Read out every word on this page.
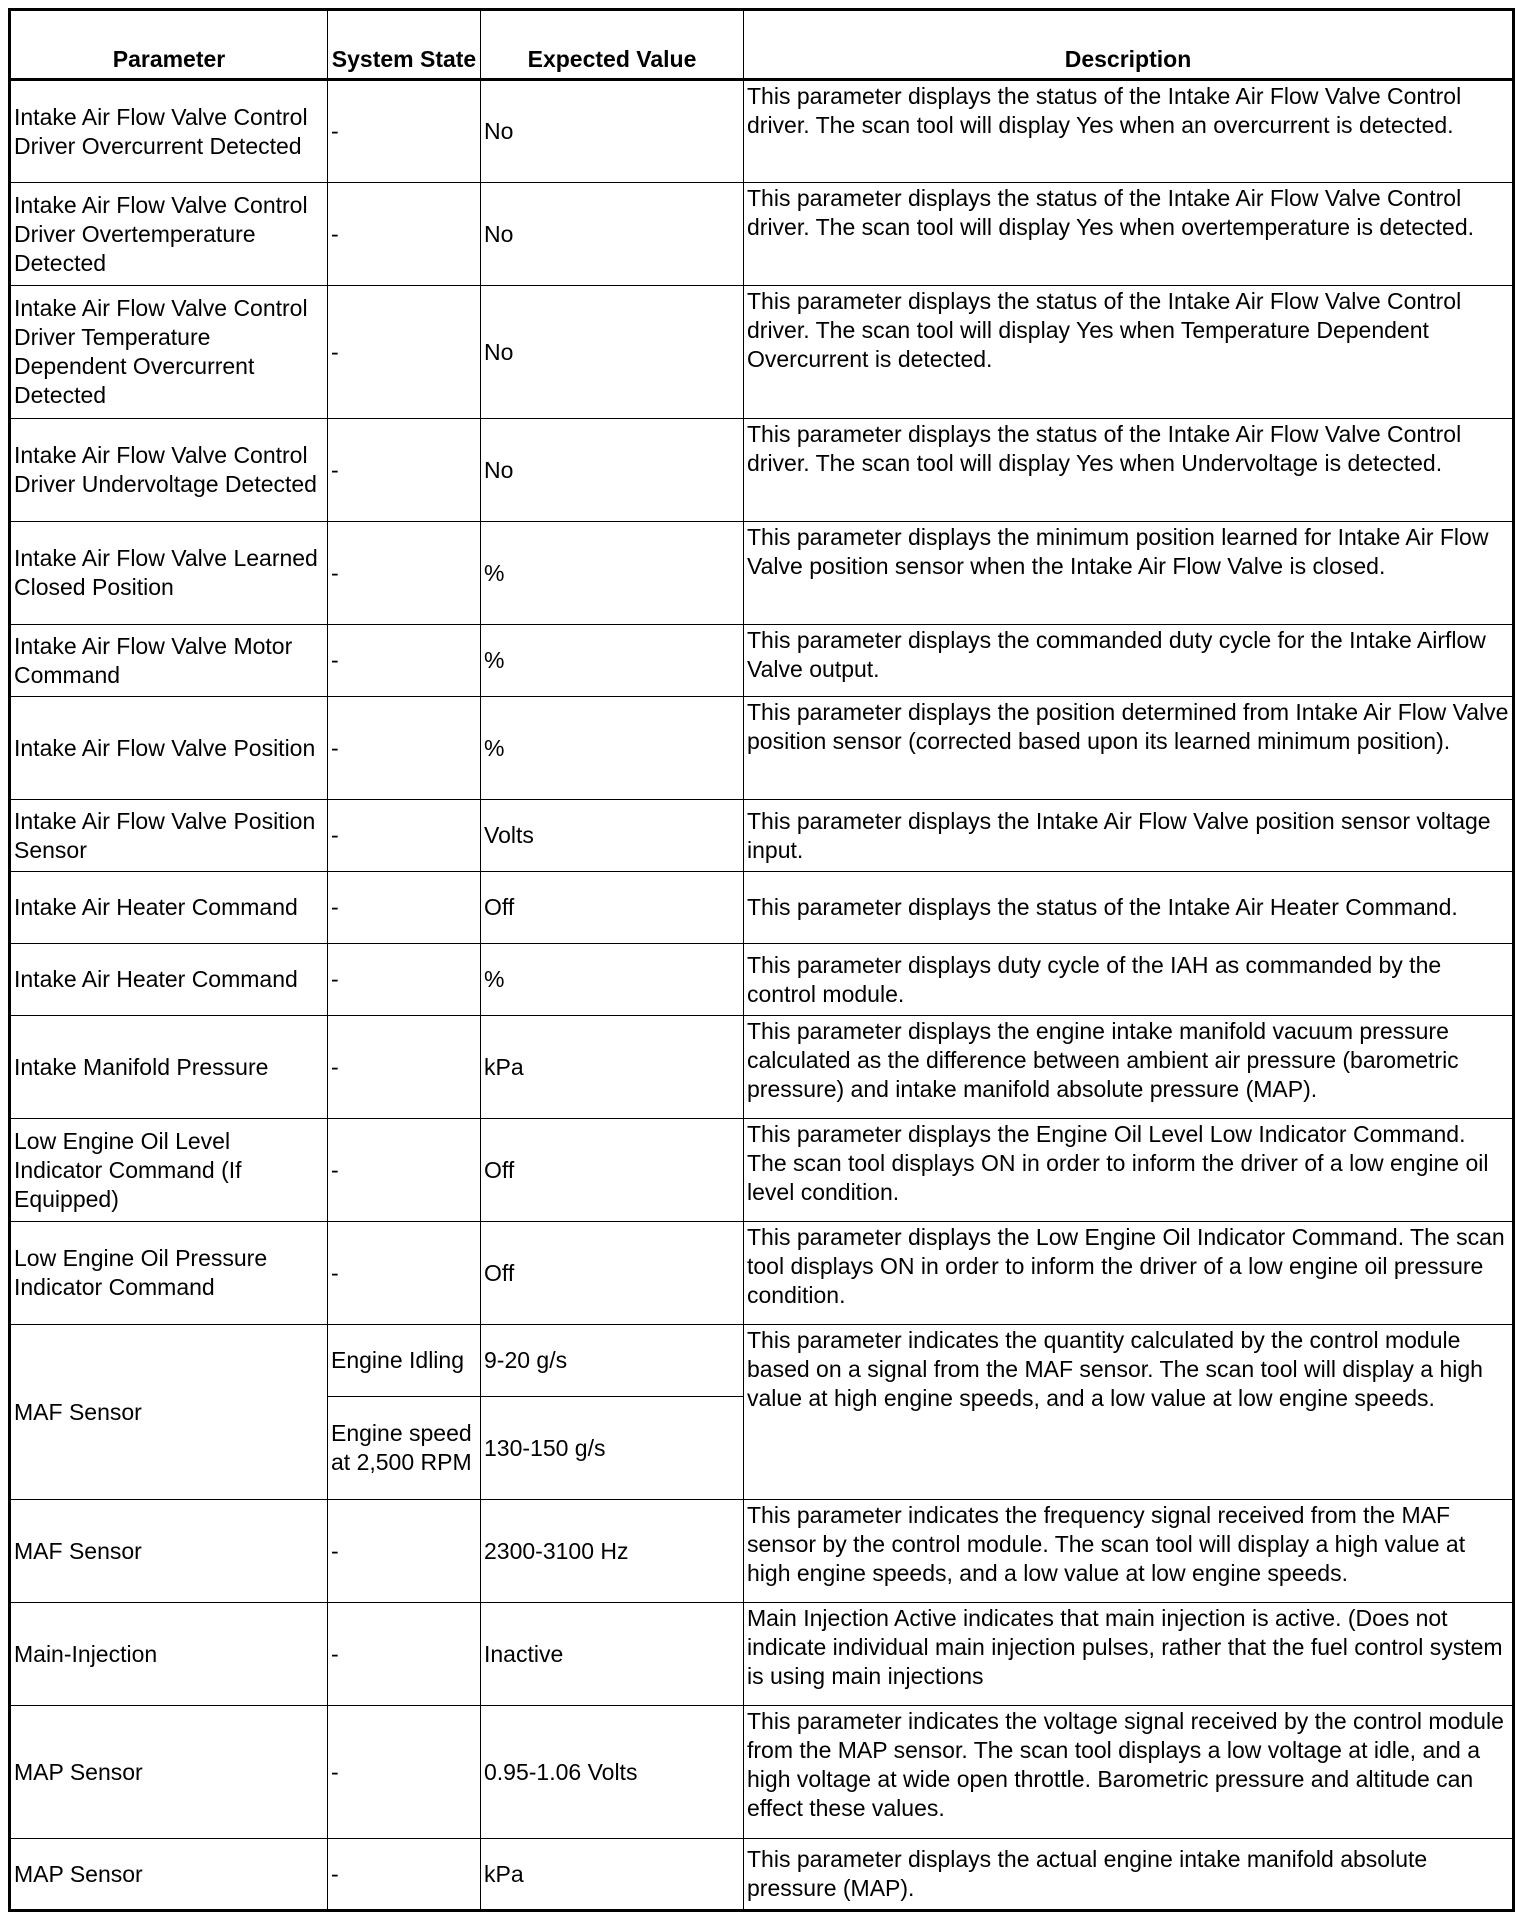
Parameter	System State	Expected Value	Description
Intake Air Flow Valve Control Driver Overcurrent Detected	-	No	This parameter displays the status of the Intake Air Flow Valve Control driver. The scan tool will display Yes when an overcurrent is detected.
Intake Air Flow Valve Control Driver Overtemperature Detected	-	No	This parameter displays the status of the Intake Air Flow Valve Control driver. The scan tool will display Yes when overtemperature is detected.
Intake Air Flow Valve Control Driver Temperature Dependent Overcurrent Detected	-	No	This parameter displays the status of the Intake Air Flow Valve Control driver. The scan tool will display Yes when Temperature Dependent Overcurrent is detected.
Intake Air Flow Valve Control Driver Undervoltage Detected	-	No	This parameter displays the status of the Intake Air Flow Valve Control driver. The scan tool will display Yes when Undervoltage is detected.
Intake Air Flow Valve Learned Closed Position	-	%	This parameter displays the minimum position learned for Intake Air Flow Valve position sensor when the Intake Air Flow Valve is closed.
Intake Air Flow Valve Motor Command	-	%	This parameter displays the commanded duty cycle for the Intake Airflow Valve output.
Intake Air Flow Valve Position	-	%	This parameter displays the position determined from Intake Air Flow Valve position sensor (corrected based upon its learned minimum position).
Intake Air Flow Valve Position Sensor	-	Volts	This parameter displays the Intake Air Flow Valve position sensor voltage input.
Intake Air Heater Command	-	Off	This parameter displays the status of the Intake Air Heater Command.
Intake Air Heater Command	-	%	This parameter displays duty cycle of the IAH as commanded by the control module.
Intake Manifold Pressure	-	kPa	This parameter displays the engine intake manifold vacuum pressure calculated as the difference between ambient air pressure (barometric pressure) and intake manifold absolute pressure (MAP).
Low Engine Oil Level Indicator Command (If Equipped)	-	Off	This parameter displays the Engine Oil Level Low Indicator Command. The scan tool displays ON in order to inform the driver of a low engine oil level condition.
Low Engine Oil Pressure Indicator Command	-	Off	This parameter displays the Low Engine Oil Indicator Command. The scan tool displays ON in order to inform the driver of a low engine oil pressure condition.
MAF Sensor	Engine Idling	9-20 g/s	This parameter indicates the quantity calculated by the control module based on a signal from the MAF sensor. The scan tool will display a high value at high engine speeds, and a low value at low engine speeds.
	Engine speed at 2,500 RPM	130-150 g/s	
MAF Sensor	-	2300-3100 Hz	This parameter indicates the frequency signal received from the MAF sensor by the control module. The scan tool will display a high value at high engine speeds, and a low value at low engine speeds.
Main-Injection	-	Inactive	Main Injection Active indicates that main injection is active. (Does not indicate individual main injection pulses, rather that the fuel control system is using main injections
MAP Sensor	-	0.95-1.06 Volts	This parameter indicates the voltage signal received by the control module from the MAP sensor. The scan tool displays a low voltage at idle, and a high voltage at wide open throttle. Barometric pressure and altitude can effect these values.
MAP Sensor	-	kPa	This parameter displays the actual engine intake manifold absolute pressure (MAP).
